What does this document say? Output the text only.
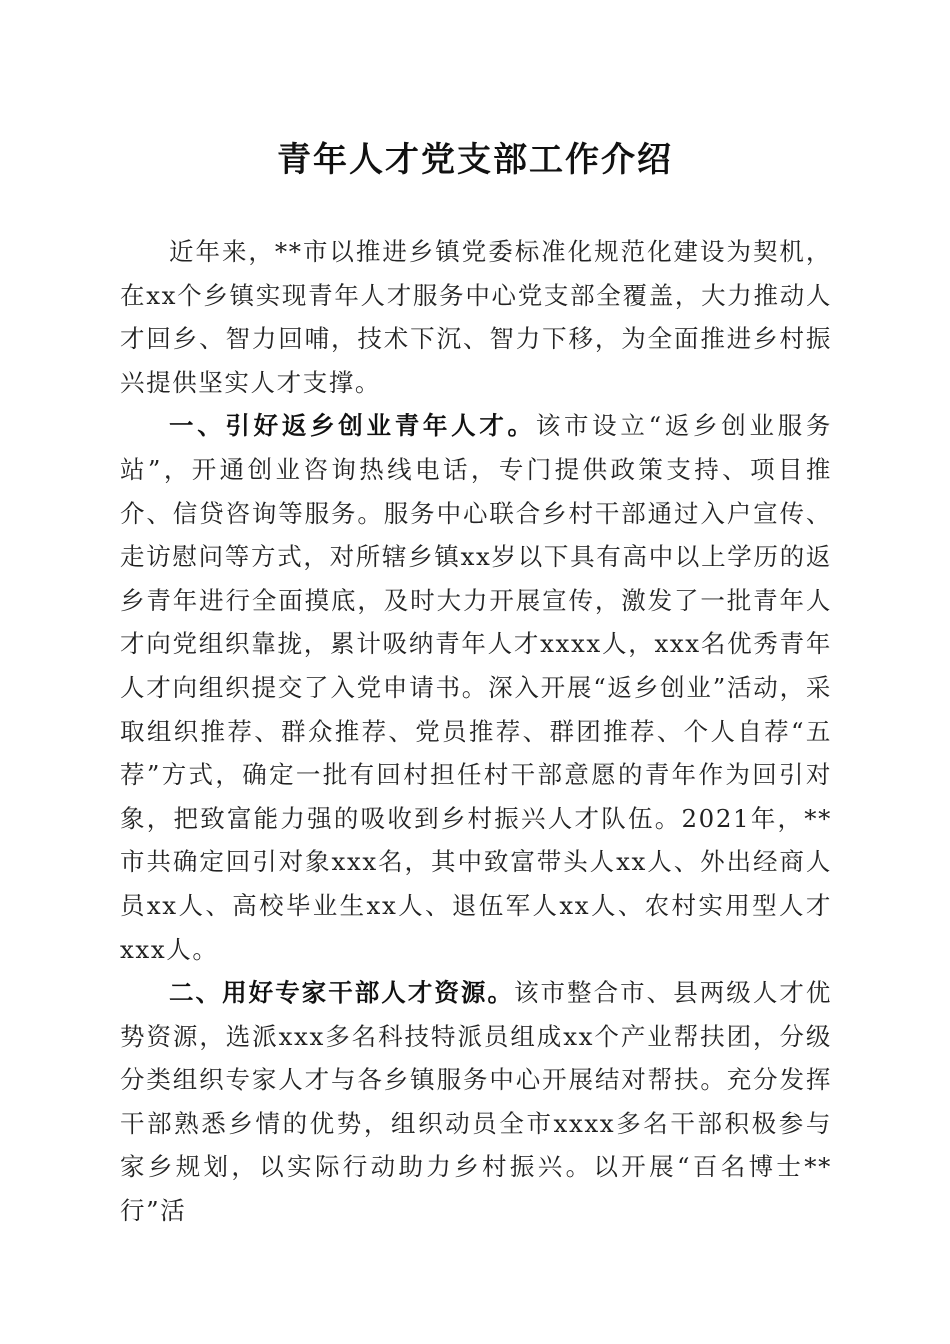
青年人才党支部工作介绍

近年来，**市以推进乡镇党委标准化规范化建设为契机，在xx个乡镇实现青年人才服务中心党支部全覆盖，大力推动人才回乡、智力回哺，技术下沉、智力下移，为全面推进乡村振兴提供坚实人才支撑。

一、引好返乡创业青年人才。该市设立“返乡创业服务站”，开通创业咨询热线电话，专门提供政策支持、项目推介、信贷咨询等服务。服务中心联合乡村干部通过入户宣传、走访慰问等方式，对所辖乡镇xx岁以下具有高中以上学历的返乡青年进行全面摸底，及时大力开展宣传，激发了一批青年人才向党组织靠拢，累计吸纳青年人才xxxx人，xxx名优秀青年人才向组织提交了入党申请书。深入开展“返乡创业”活动，采取组织推荐、群众推荐、党员推荐、群团推荐、个人自荐“五荐”方式，确定一批有回村担任村干部意愿的青年作为回引对象，把致富能力强的吸收到乡村振兴人才队伍。2021年，**市共确定回引对象xxx名，其中致富带头人xx人、外出经商人员xx人、高校毕业生xx人、退伍军人xx人、农村实用型人才xxx人。

二、用好专家干部人才资源。该市整合市、县两级人才优势资源，选派xxx多名科技特派员组成xx个产业帮扶团，分级分类组织专家人才与各乡镇服务中心开展结对帮扶。充分发挥干部熟悉乡情的优势，组织动员全市xxxx多名干部积极参与家乡规划，以实际行动助力乡村振兴。以开展“百名博士**行”活
